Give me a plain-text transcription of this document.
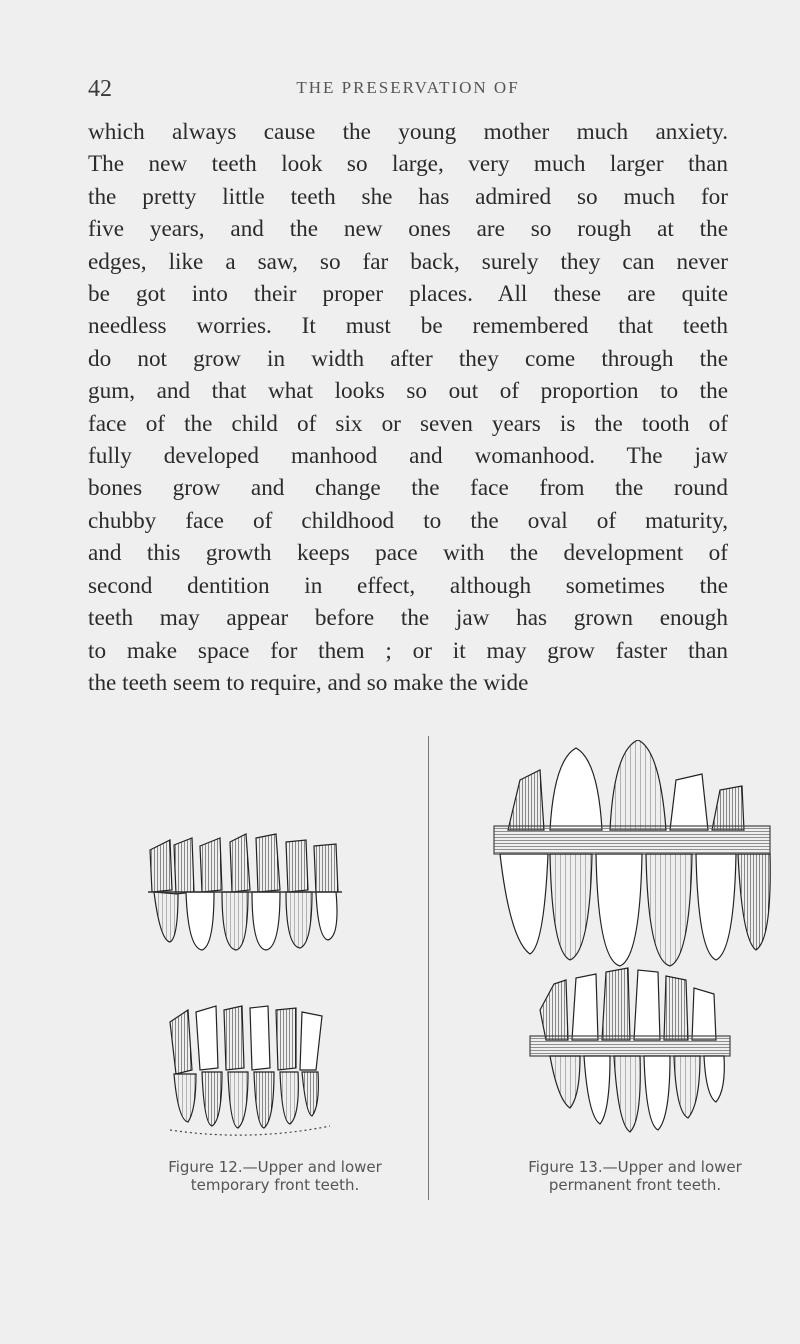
42	THE PRESERVATION OF
which always cause the young mother much anxiety.
The new teeth look so large, very much larger than
the pretty little teeth she has admired so much for
five years, and the new ones are so rough at the
edges, like a saw, so far back, surely they can never
be got into their proper places. All these are quite
needless worries. It must be remembered that teeth
do not grow in width after they come through the
gum, and that what looks so out of proportion to the
face of the child of six or seven years is the tooth of
fully developed manhood and womanhood. The jaw
bones grow and change the face from the round
chubby face of childhood to the oval of maturity,
and this growth keeps pace with the development of
second dentition in effect, although sometimes the
teeth may appear before the jaw has grown enough
to make space for them ; or it may grow faster than
the teeth seem to require, and so make the wide
Figure 12.—Upper and lower
temporary front teeth.
Figure 13.—Upper and lower
permanent front teeth.
